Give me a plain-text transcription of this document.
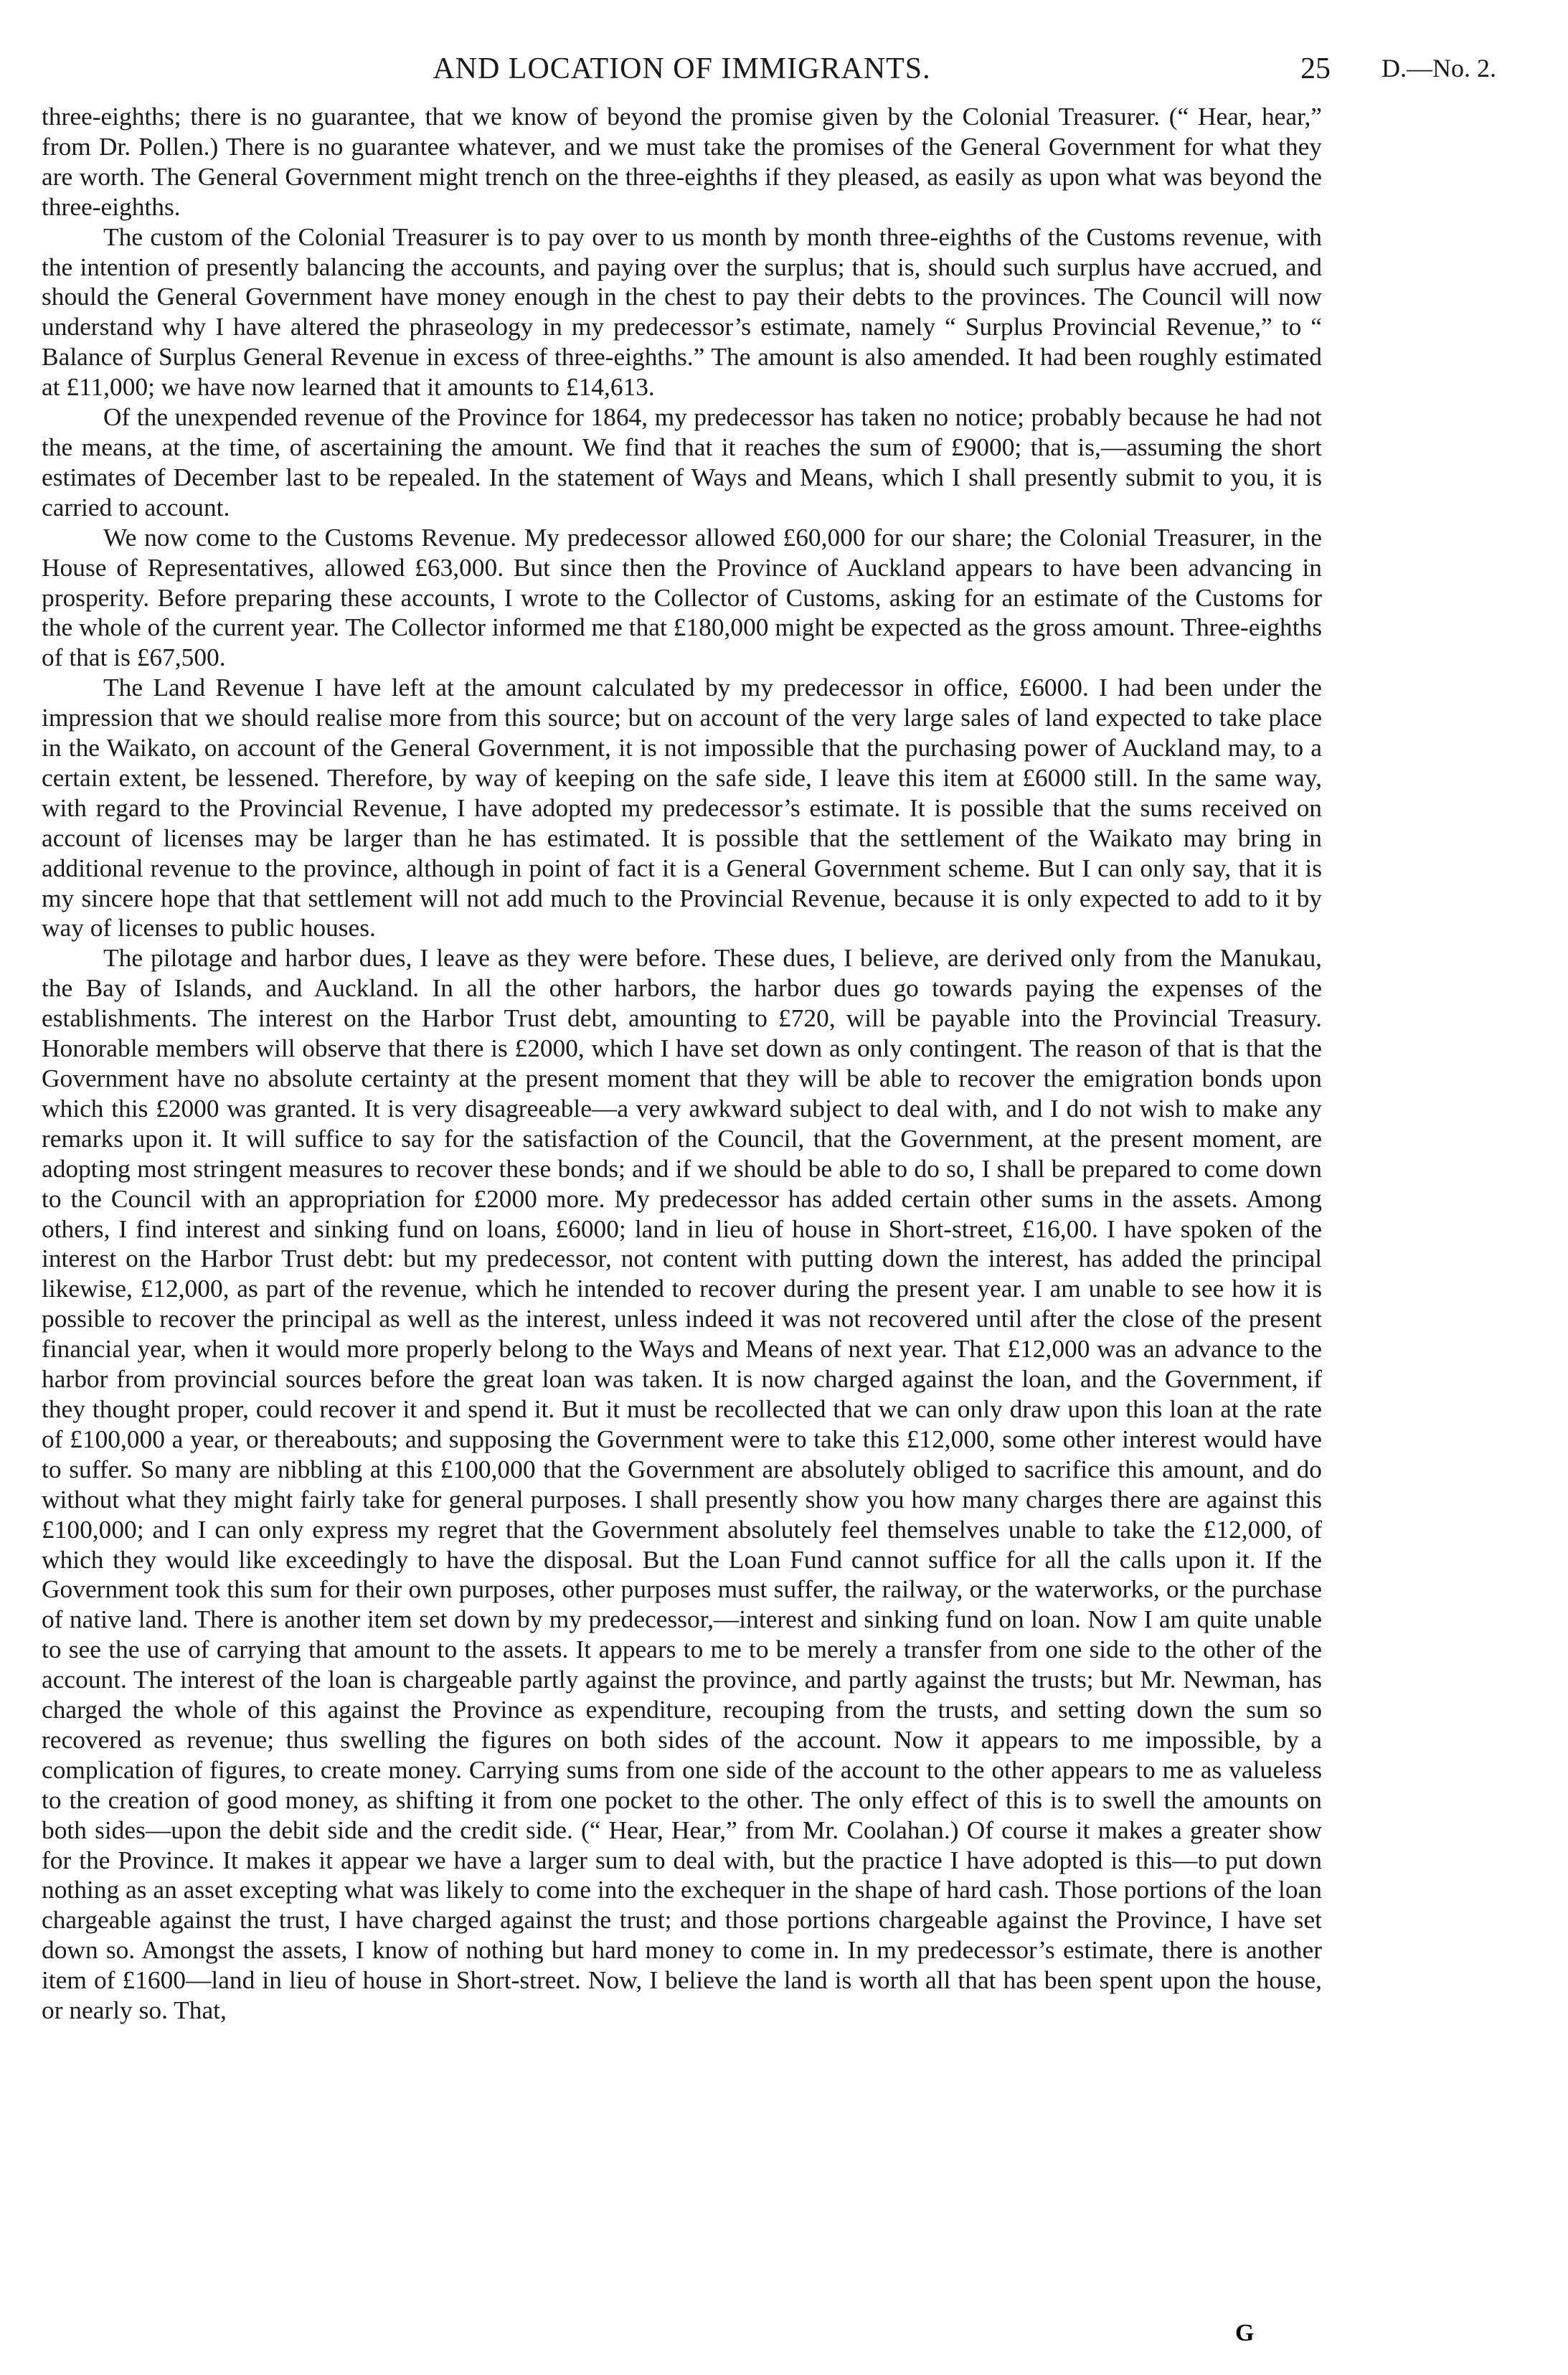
AND LOCATION OF IMMIGRANTS.	25 D.—No. 2.

three-eighths; there is no guarantee, that we know of beyond the promise given by the Colonial Treasurer. (“ Hear, hear,” from Dr. Pollen.) There is no guarantee whatever, and we must take the promises of the General Government for what they are worth. The General Government might trench on the three-eighths if they pleased, as easily as upon what was beyond the three-eighths.

The custom of the Colonial Treasurer is to pay over to us month by month three-eighths of the Customs revenue, with the intention of presently balancing the accounts, and paying over the surplus; that is, should such surplus have accrued, and should the General Government have money enough in the chest to pay their debts to the provinces. The Council will now understand why I have altered the phraseology in my predecessor’s estimate, namely “ Surplus Provincial Revenue,” to “ Balance of Surplus General Revenue in excess of three-eighths.” The amount is also amended. It had been roughly estimated at £11,000; we have now learned that it amounts to £14,613.

Of the unexpended revenue of the Province for 1864, my predecessor has taken no notice; probably because he had not the means, at the time, of ascertaining the amount. We find that it reaches the sum of £9000; that is,—assuming the short estimates of December last to be repealed. In the statement of Ways and Means, which I shall presently submit to you, it is carried to account.

We now come to the Customs Revenue. My predecessor allowed £60,000 for our share; the Colonial Treasurer, in the House of Representatives, allowed £63,000. But since then the Province of Auckland appears to have been advancing in prosperity. Before preparing these accounts, I wrote to the Collector of Customs, asking for an estimate of the Customs for the whole of the current year. The Collector informed me that £180,000 might be expected as the gross amount. Three-eighths of that is £67,500.

The Land Revenue I have left at the amount calculated by my predecessor in office, £6000. I had been under the impression that we should realise more from this source; but on account of the very large sales of land expected to take place in the Waikato, on account of the General Government, it is not impossible that the purchasing power of Auckland may, to a certain extent, be lessened. Therefore, by way of keeping on the safe side, I leave this item at £6000 still. In the same way, with regard to the Provincial Revenue, I have adopted my predecessor’s estimate. It is possible that the sums received on account of licenses may be larger than he has estimated. It is possible that the settlement of the Waikato may bring in additional revenue to the province, although in point of fact it is a General Government scheme. But I can only say, that it is my sincere hope that that settlement will not add much to the Provincial Revenue, because it is only expected to add to it by way of licenses to public houses.

The pilotage and harbor dues, I leave as they were before. These dues, I believe, are derived only from the Manukau, the Bay of Islands, and Auckland. In all the other harbors, the harbor dues go towards paying the expenses of the establishments. The interest on the Harbor Trust debt, amounting to £720, will be payable into the Provincial Treasury. Honorable members will observe that there is £2000, which I have set down as only contingent. The reason of that is that the Government have no absolute certainty at the present moment that they will be able to recover the emigration bonds upon which this £2000 was granted. It is very disagreeable—a very awkward subject to deal with, and I do not wish to make any remarks upon it. It will suffice to say for the satisfaction of the Council, that the Government, at the present moment, are adopting most stringent measures to recover these bonds; and if we should be able to do so, I shall be prepared to come down to the Council with an appropriation for £2000 more. My predecessor has added certain other sums in the assets. Among others, I find interest and sinking fund on loans, £6000; land in lieu of house in Short-street, £16,00. I have spoken of the interest on the Harbor Trust debt: but my predecessor, not content with putting down the interest, has added the principal likewise, £12,000, as part of the revenue, which he intended to recover during the present year. I am unable to see how it is possible to recover the principal as well as the interest, unless indeed it was not recovered until after the close of the present financial year, when it would more properly belong to the Ways and Means of next year. That £12,000 was an advance to the harbor from provincial sources before the great loan was taken. It is now charged against the loan, and the Government, if they thought proper, could recover it and spend it. But it must be recollected that we can only draw upon this loan at the rate of £100,000 a year, or thereabouts; and supposing the Government were to take this £12,000, some other interest would have to suffer. So many are nibbling at this £100,000 that the Government are absolutely obliged to sacrifice this amount, and do without what they might fairly take for general purposes. I shall presently show you how many charges there are against this £100,000; and I can only express my regret that the Government absolutely feel themselves unable to take the £12,000, of which they would like exceedingly to have the disposal. But the Loan Fund cannot suffice for all the calls upon it. If the Government took this sum for their own purposes, other purposes must suffer, the railway, or the waterworks, or the purchase of native land. There is another item set down by my predecessor,—interest and sinking fund on loan. Now I am quite unable to see the use of carrying that amount to the assets. It appears to me to be merely a transfer from one side to the other of the account. The interest of the loan is chargeable partly against the province, and partly against the trusts; but Mr. Newman, has charged the whole of this against the Province as expenditure, recouping from the trusts, and setting down the sum so recovered as revenue; thus swelling the figures on both sides of the account. Now it appears to me impossible, by a complication of figures, to create money. Carrying sums from one side of the account to the other appears to me as valueless to the creation of good money, as shifting it from one pocket to the other. The only effect of this is to swell the amounts on both sides—upon the debit side and the credit side. (“ Hear, Hear,” from Mr. Coolahan.) Of course it makes a greater show for the Province. It makes it appear we have a larger sum to deal with, but the practice I have adopted is this—to put down nothing as an asset excepting what was likely to come into the exchequer in the shape of hard cash. Those portions of the loan chargeable against the trust, I have charged against the trust; and those portions chargeable against the Province, I have set down so. Amongst the assets, I know of nothing but hard money to come in. In my predecessor’s estimate, there is another item of £1600—land in lieu of house in Short-street. Now, I believe the land is worth all that has been spent upon the house, or nearly so. That,

G
